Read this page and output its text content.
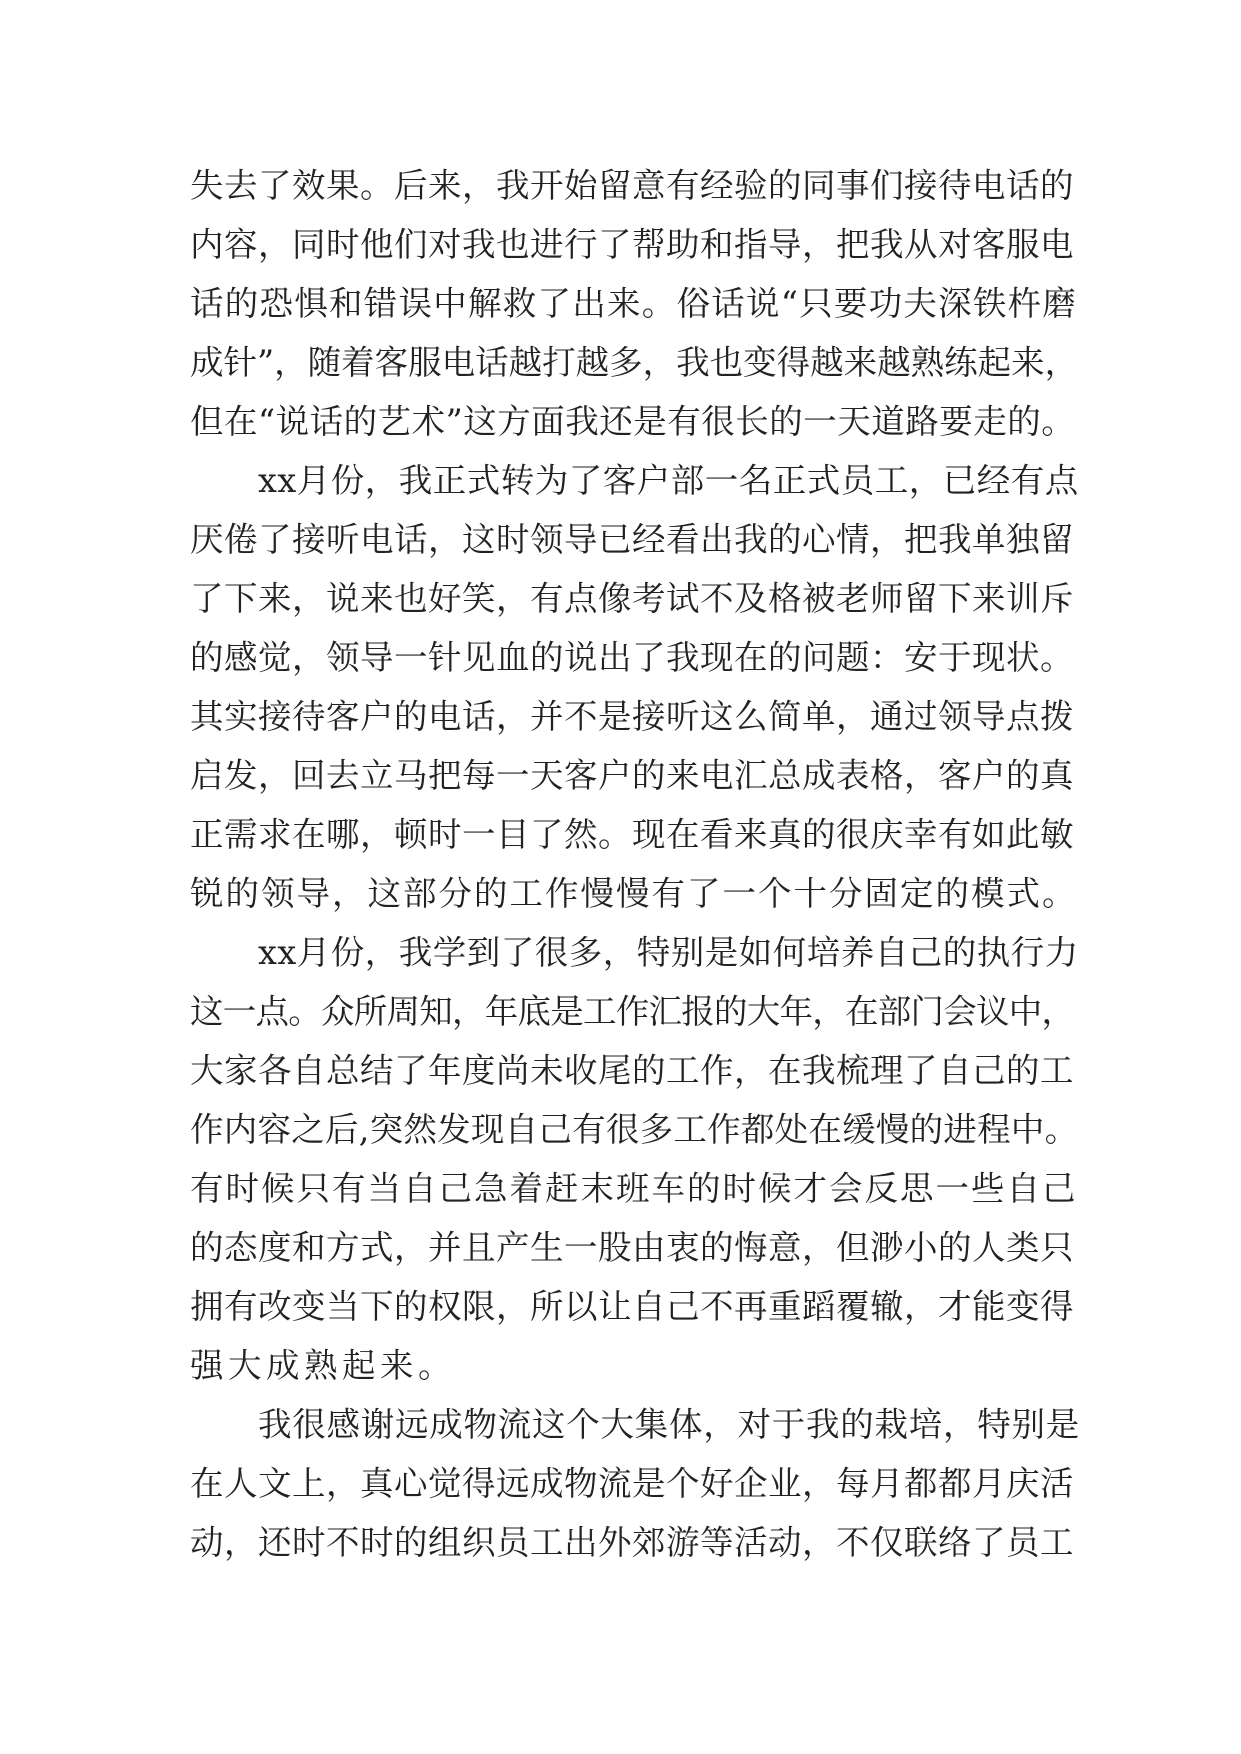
失去了效果。后来，我开始留意有经验的同事们接待电话的
内容，同时他们对我也进行了帮助和指导，把我从对客服电
话的恐惧和错误中解救了出来。俗话说“只要功夫深铁杵磨
成针”，随着客服电话越打越多，我也变得越来越熟练起来，
但在“说话的艺术”这方面我还是有很长的一天道路要走的。
xx月份，我正式转为了客户部一名正式员工，已经有点
厌倦了接听电话，这时领导已经看出我的心情，把我单独留
了下来，说来也好笑，有点像考试不及格被老师留下来训斥
的感觉，领导一针见血的说出了我现在的问题：安于现状。
其实接待客户的电话，并不是接听这么简单，通过领导点拨
启发，回去立马把每一天客户的来电汇总成表格，客户的真
正需求在哪，顿时一目了然。现在看来真的很庆幸有如此敏
锐的领导，这部分的工作慢慢有了一个十分固定的模式。
xx月份，我学到了很多，特别是如何培养自己的执行力
这一点。众所周知，年底是工作汇报的大年，在部门会议中，
大家各自总结了年度尚未收尾的工作，在我梳理了自己的工
作内容之后,突然发现自己有很多工作都处在缓慢的进程中。
有时候只有当自己急着赶末班车的时候才会反思一些自己
的态度和方式，并且产生一股由衷的悔意，但渺小的人类只
拥有改变当下的权限，所以让自己不再重蹈覆辙，才能变得
强大成熟起来。
我很感谢远成物流这个大集体，对于我的栽培，特别是
在人文上，真心觉得远成物流是个好企业，每月都都月庆活
动，还时不时的组织员工出外郊游等活动，不仅联络了员工
